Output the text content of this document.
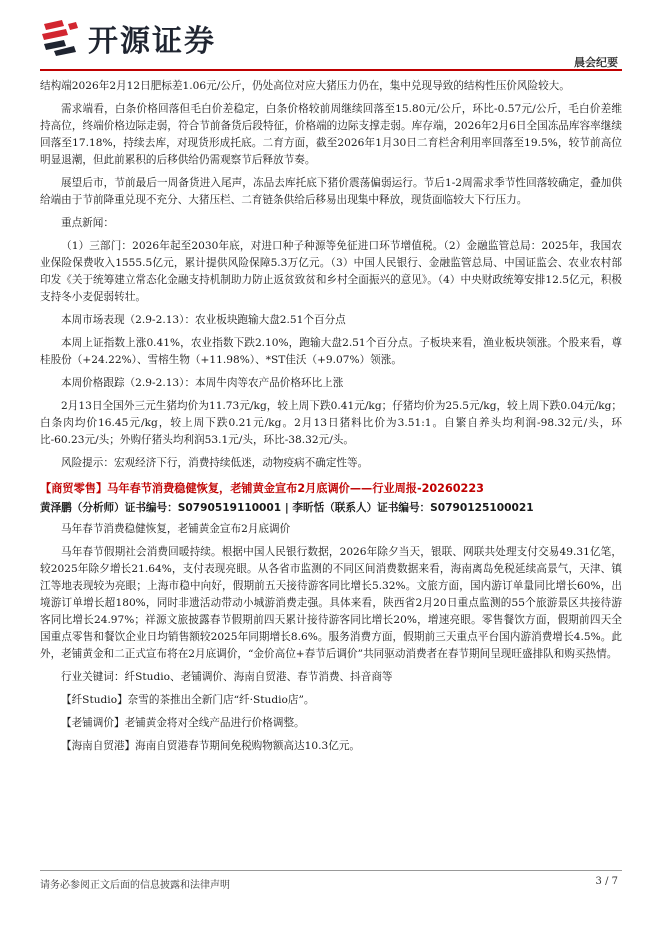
开源证券
晨会纪要

结构端2026年2月12日肥标差1.06元/公斤，仍处高位对应大猪压力仍在，集中兑现导致的结构性压价风险较大。

需求端看，白条价格回落但毛白价差稳定，白条价格较前周继续回落至15.80元/公斤，环比-0.57元/公斤，毛白价差维持高位，终端价格边际走弱，符合节前备货后段特征，价格端的边际支撑走弱。库存端，2026年2月6日全国冻品库容率继续回落至17.18%，持续去库，对现货形成托底。二育方面，截至2026年1月30日二育栏舍利用率回落至19.5%，较节前高位明显退潮，但此前累积的后移供给仍需观察节后释放节奏。

展望后市，节前最后一周备货进入尾声，冻品去库托底下猪价震荡偏弱运行。节后1-2周需求季节性回落较确定，叠加供给端由于节前降重兑现不充分、大猪压栏、二育链条供给后移易出现集中释放，现货面临较大下行压力。

重点新闻：

（1）三部门：2026年起至2030年底，对进口种子种源等免征进口环节增值税。（2）金融监管总局：2025年，我国农业保险保费收入1555.5亿元，累计提供风险保障5.3万亿元。（3）中国人民银行、金融监管总局、中国证监会、农业农村部印发《关于统筹建立常态化金融支持机制助力防止返贫致贫和乡村全面振兴的意见》。（4）中央财政统筹安排12.5亿元，积极支持冬小麦促弱转壮。

本周市场表现（2.9-2.13）：农业板块跑输大盘2.51个百分点

本周上证指数上涨0.41%，农业指数下跌2.10%，跑输大盘2.51个百分点。子板块来看，渔业板块领涨。个股来看，尊桂股份（+24.22%）、雪榕生物（+11.98%）、*ST佳沃（+9.07%）领涨。

本周价格跟踪（2.9-2.13）：本周牛肉等农产品价格环比上涨

2月13日全国外三元生猪均价为11.73元/kg，较上周下跌0.41元/kg；仔猪均价为25.5元/kg，较上周下跌0.04元/kg；白条肉均价16.45元/kg，较上周下跌0.21元/kg。2月13日猪料比价为3.51:1。自繁自养头均利润-98.32元/头，环比-60.23元/头；外购仔猪头均利润53.1元/头，环比-38.32元/头。

风险提示：宏观经济下行，消费持续低迷，动物疫病不确定性等。

【商贸零售】马年春节消费稳健恢复，老铺黄金宣布2月底调价——行业周报-20260223
黄泽鹏（分析师）证书编号：S0790519110001 | 李昕恬（联系人）证书编号：S0790125100021

马年春节消费稳健恢复，老铺黄金宣布2月底调价

马年春节假期社会消费回暖持续。根据中国人民银行数据，2026年除夕当天，银联、网联共处理支付交易49.31亿笔，较2025年除夕增长21.64%，支付表现亮眼。从各省市监测的不同区间消费数据来看，海南离岛免税延续高景气，天津、镇江等地表现较为亮眼；上海市稳中向好，假期前五天接待游客同比增长5.32%。文旅方面，国内游订单量同比增长60%，出境游订单增长超180%，同时非遗活动带动小城游消费走强。具体来看，陕西省2月20日重点监测的55个旅游景区共接待游客同比增长24.97%；祥源文旅披露春节假期前四天累计接待游客同比增长20%，增速亮眼。零售餐饮方面，假期前四天全国重点零售和餐饮企业日均销售额较2025年同期增长8.6%。服务消费方面，假期前三天重点平台国内游消费增长4.5%。此外，老铺黄金和二正式宣布将在2月底调价，“金价高位+春节后调价”共同驱动消费者在春节期间呈现旺盛排队和购买热情。

行业关键词：纤Studio、老铺调价、海南自贸港、春节消费、抖音商等

【纤Studio】奈雪的茶推出全新门店“纤·Studio店”。

【老铺调价】老铺黄金将对全线产品进行价格调整。

【海南自贸港】海南自贸港春节期间免税购物额高达10.3亿元。

请务必参阅正文后面的信息披露和法律声明	3 / 7
